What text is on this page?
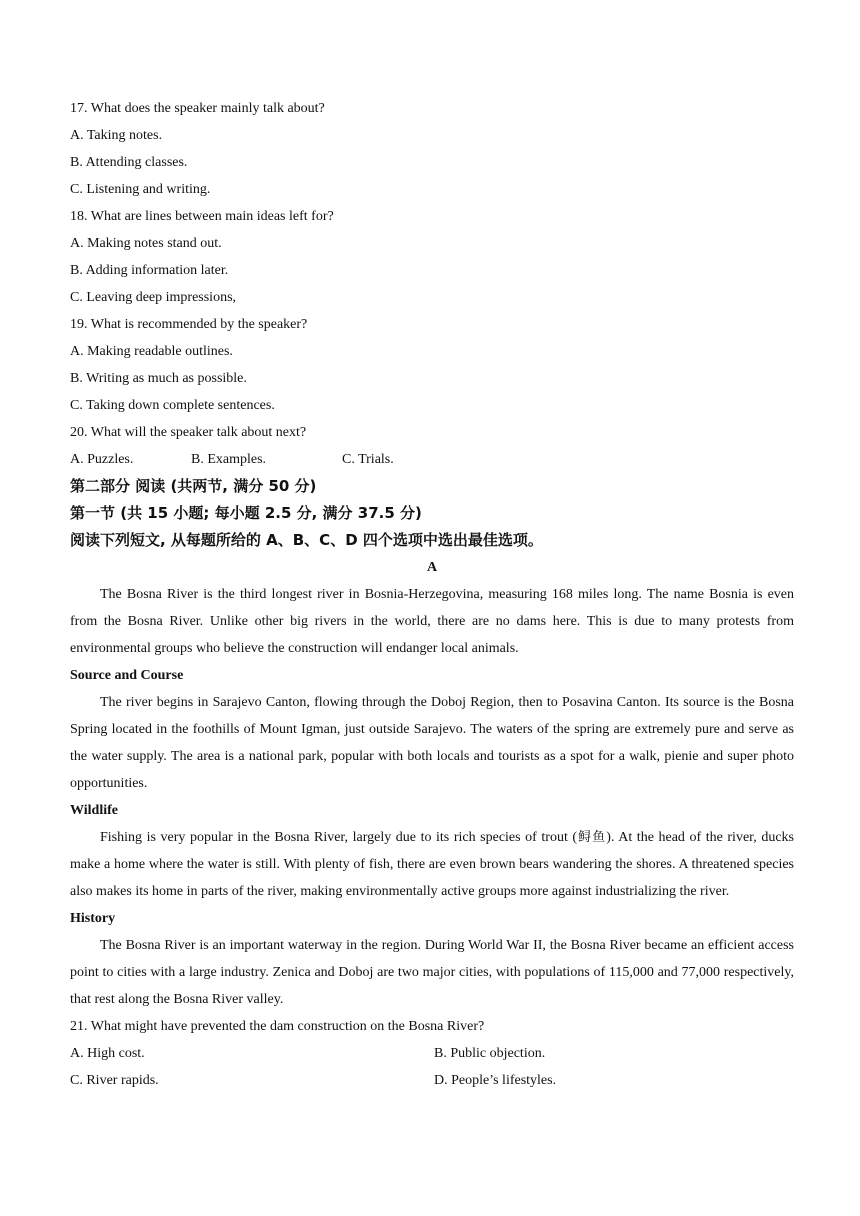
17. What does the speaker mainly talk about?
A. Taking notes.
B. Attending classes.
C. Listening and writing.
18. What are lines between main ideas left for?
A. Making notes stand out.
B. Adding information later.
C. Leaving deep impressions,
19. What is recommended by the speaker?
A. Making readable outlines.
B. Writing as much as possible.
C. Taking down complete sentences.
20. What will the speaker talk about next?
A. Puzzles.	B. Examples.	C. Trials.
第二部分 阅读 (共两节, 满分 50 分)
第一节 (共 15 小题; 每小题 2.5 分, 满分 37.5 分)
阅读下列短文, 从每题所给的 A、B、C、D 四个选项中选出最佳选项。
A

The Bosna River is the third longest river in Bosnia-Herzegovina, measuring 168 miles long. The name Bosnia is even from the Bosna River. Unlike other big rivers in the world, there are no dams here. This is due to many protests from environmental groups who believe the construction will endanger local animals.

Source and Course

The river begins in Sarajevo Canton, flowing through the Doboj Region, then to Posavina Canton. Its source is the Bosna Spring located in the foothills of Mount Igman, just outside Sarajevo. The waters of the spring are extremely pure and serve as the water supply. The area is a national park, popular with both locals and tourists as a spot for a walk, pienie and super photo opportunities.

Wildlife

Fishing is very popular in the Bosna River, largely due to its rich species of trout (鲟鱼). At the head of the river, ducks make a home where the water is still. With plenty of fish, there are even brown bears wandering the shores. A threatened species also makes its home in parts of the river, making environmentally active groups more against industrializing the river.

History

The Bosna River is an important waterway in the region. During World War II, the Bosna River became an efficient access point to cities with a large industry. Zenica and Doboj are two major cities, with populations of 115,000 and 77,000 respectively, that rest along the Bosna River valley.

21. What might have prevented the dam construction on the Bosna River?
A. High cost.	B. Public objection.
C. River rapids.	D. People’s lifestyles.
